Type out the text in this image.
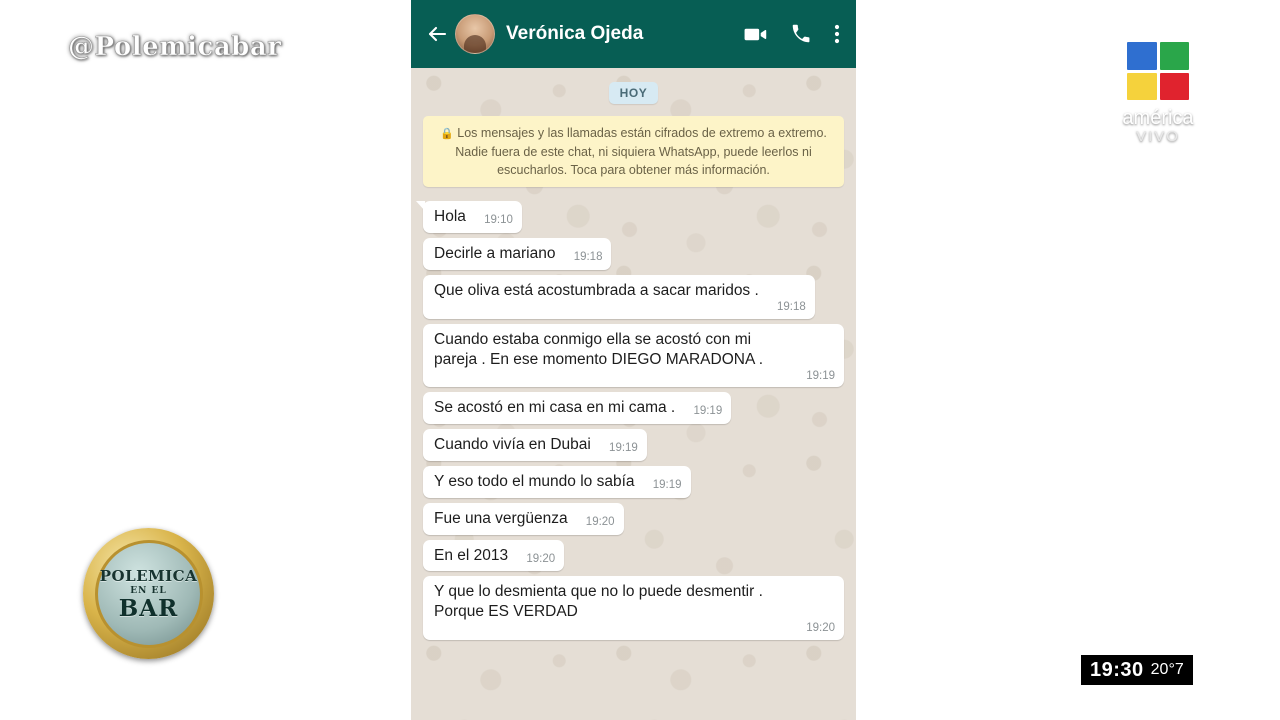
@Polemicabar
POLEMICA
EN EL
BAR
américa
VIVO
19:30 20°7
Verónica Ojeda
HOY
🔒 Los mensajes y las llamadas están cifrados de extremo a extremo. Nadie fuera de este chat, ni siquiera WhatsApp, puede leerlos ni escucharlos. Toca para obtener más información.
Hola 19:10
Decirle a mariano 19:18
Que oliva está acostumbrada a sacar maridos .
19:18
Cuando estaba conmigo ella se acostó con mi pareja . En ese momento DIEGO MARADONA .
19:19
Se acostó en mi casa en mi cama . 19:19
Cuando vivía en Dubai 19:19
Y eso todo el mundo lo sabía 19:19
Fue una vergüenza 19:20
En el 2013 19:20
Y que lo desmienta que no lo puede desmentir . Porque ES VERDAD
19:20
